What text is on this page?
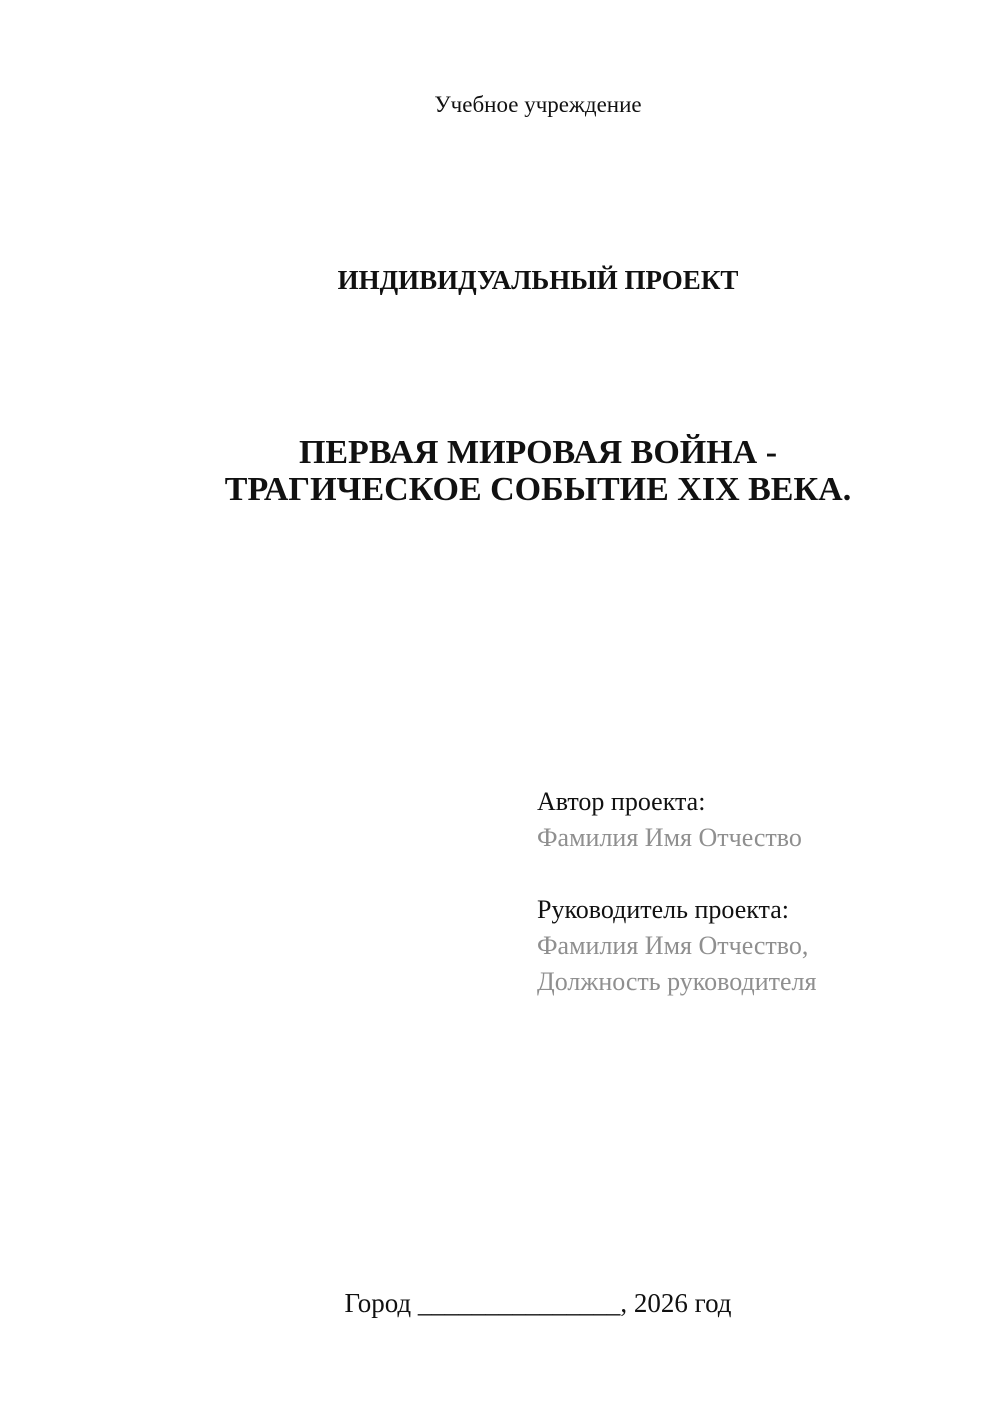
Учебное учреждение
ИНДИВИДУАЛЬНЫЙ ПРОЕКТ
ПЕРВАЯ МИРОВАЯ ВОЙНА -
ТРАГИЧЕСКОЕ СОБЫТИЕ XIX ВЕКА.
Автор проекта:
Фамилия Имя Отчество
Руководитель проекта:
Фамилия Имя Отчество,
Должность руководителя
Город _______________, 2026 год
